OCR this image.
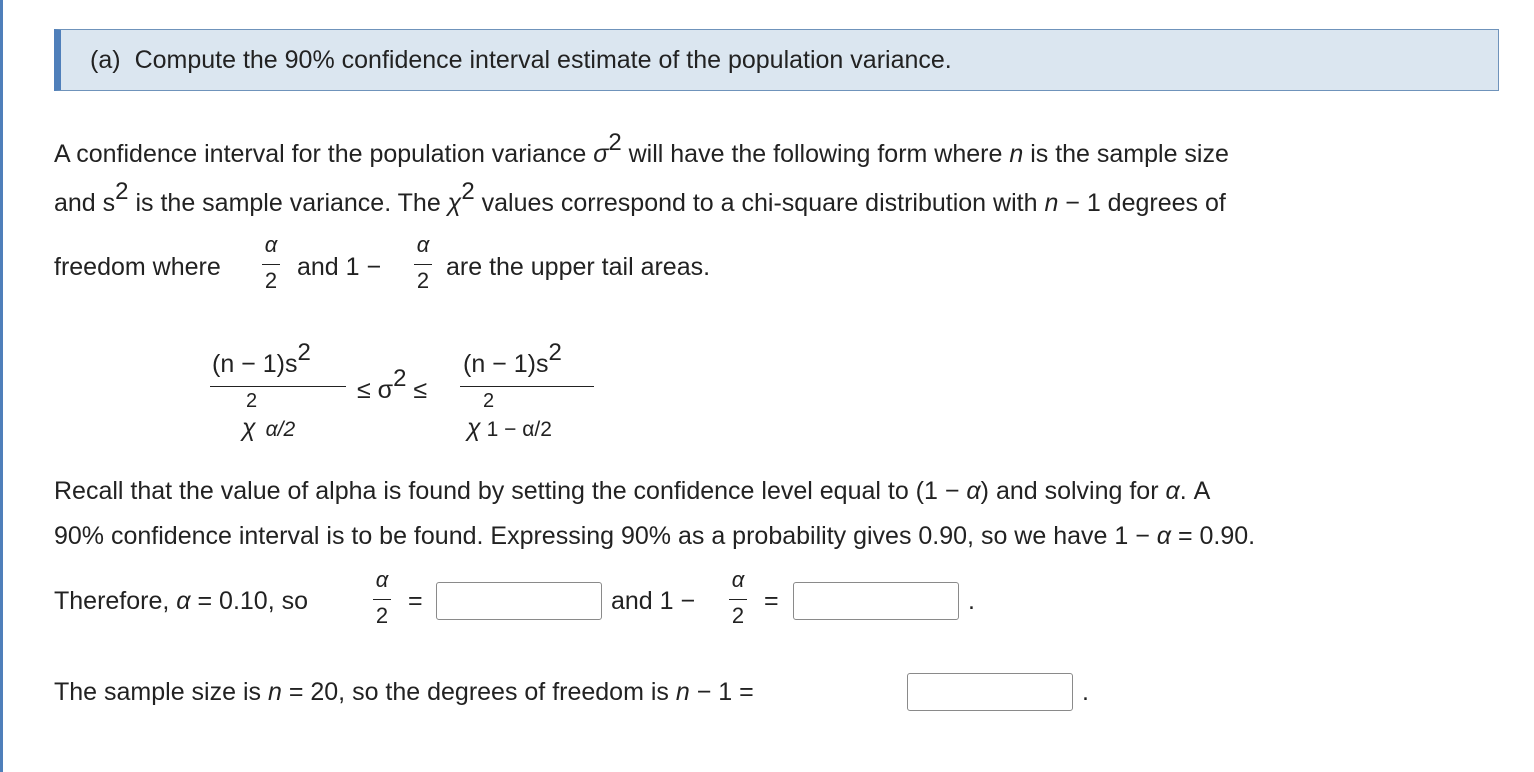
(a) Compute the 90% confidence interval estimate of the population variance.
A confidence interval for the population variance σ2 will have the following form where n is the sample size
and s2 is the sample variance. The χ2 values correspond to a chi-square distribution with n − 1 degrees of
freedom where
α
2 and 1 −
α
2 are the upper tail areas.
(n − 1)s2
2
χ α/2
≤ σ2 ≤
(n − 1)s2
2
χ 1 − α/2
Recall that the value of alpha is found by setting the confidence level equal to (1 − α) and solving for α. A
90% confidence interval is to be found. Expressing 90% as a probability gives 0.90, so we have 1 − α = 0.90.
Therefore, α = 0.10, so
α
2
=	and 1 −
α
2
=	.
The sample size is n = 20, so the degrees of freedom is n − 1 =	.
